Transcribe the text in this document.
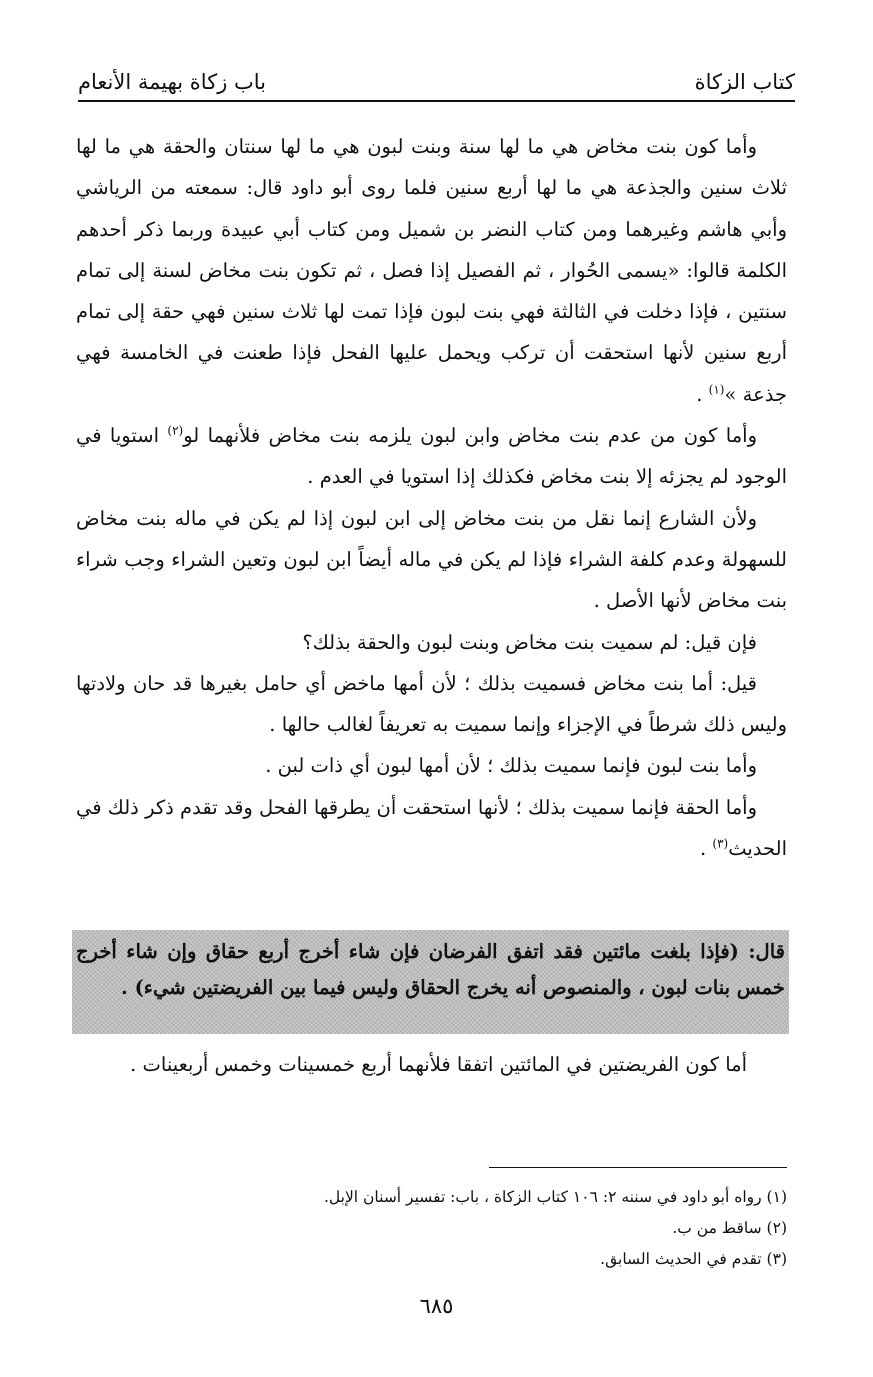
كتاب الزكاة
باب زكاة بهيمة الأنعام

وأما كون بنت مخاض هي ما لها سنة وبنت لبون هي ما لها سنتان والحقة هي ما لها ثلاث سنين والجذعة هي ما لها أربع سنين فلما روى أبو داود قال: سمعته من الرياشي وأبي هاشم وغيرهما ومن كتاب النضر بن شميل ومن كتاب أبي عبيدة وربما ذكر أحدهم الكلمة قالوا: «يسمى الحُوار ، ثم الفصيل إذا فصل ، ثم تكون بنت مخاض لسنة إلى تمام سنتين ، فإذا دخلت في الثالثة فهي بنت لبون فإذا تمت لها ثلاث سنين فهي حقة إلى تمام أربع سنين لأنها استحقت أن تركب ويحمل عليها الفحل فإذا طعنت في الخامسة فهي جذعة »$^{(١)}$ .

وأما كون من عدم بنت مخاض وابن لبون يلزمه بنت مخاض فلأنهما لو$^{(٢)}$ استويا في الوجود لم يجزئه إلا بنت مخاض فكذلك إذا استويا في العدم .

ولأن الشارع إنما نقل من بنت مخاض إلى ابن لبون إذا لم يكن في ماله بنت مخاض للسهولة وعدم كلفة الشراء فإذا لم يكن في ماله أيضاً ابن لبون وتعين الشراء وجب شراء بنت مخاض لأنها الأصل .

فإن قيل: لم سميت بنت مخاض وبنت لبون والحقة بذلك؟

قيل: أما بنت مخاض فسميت بذلك ؛ لأن أمها ماخض أي حامل بغيرها قد حان ولادتها وليس ذلك شرطاً في الإجزاء وإنما سميت به تعريفاً لغالب حالها .

وأما بنت لبون فإنما سميت بذلك ؛ لأن أمها لبون أي ذات لبن .

وأما الحقة فإنما سميت بذلك ؛ لأنها استحقت أن يطرقها الفحل وقد تقدم ذكر ذلك في الحديث$^{(٣)}$ .

قال: (فإذا بلغت مائتين فقد اتفق الفرضان فإن شاء أخرج أربع حقاق وإن شاء أخرج خمس بنات لبون ، والمنصوص أنه يخرج الحقاق وليس فيما بين الفريضتين شيء) .
أما كون الفريضتين في المائتين اتفقا فلأنهما أربع خمسينات وخمس أربعينات .
(١) رواه أبو داود في سننه ٢: ١٠٦ كتاب الزكاة ، باب: تفسير أسنان الإبل.
(٢) ساقط من ب.
(٣) تقدم في الحديث السابق.
٦٨٥
